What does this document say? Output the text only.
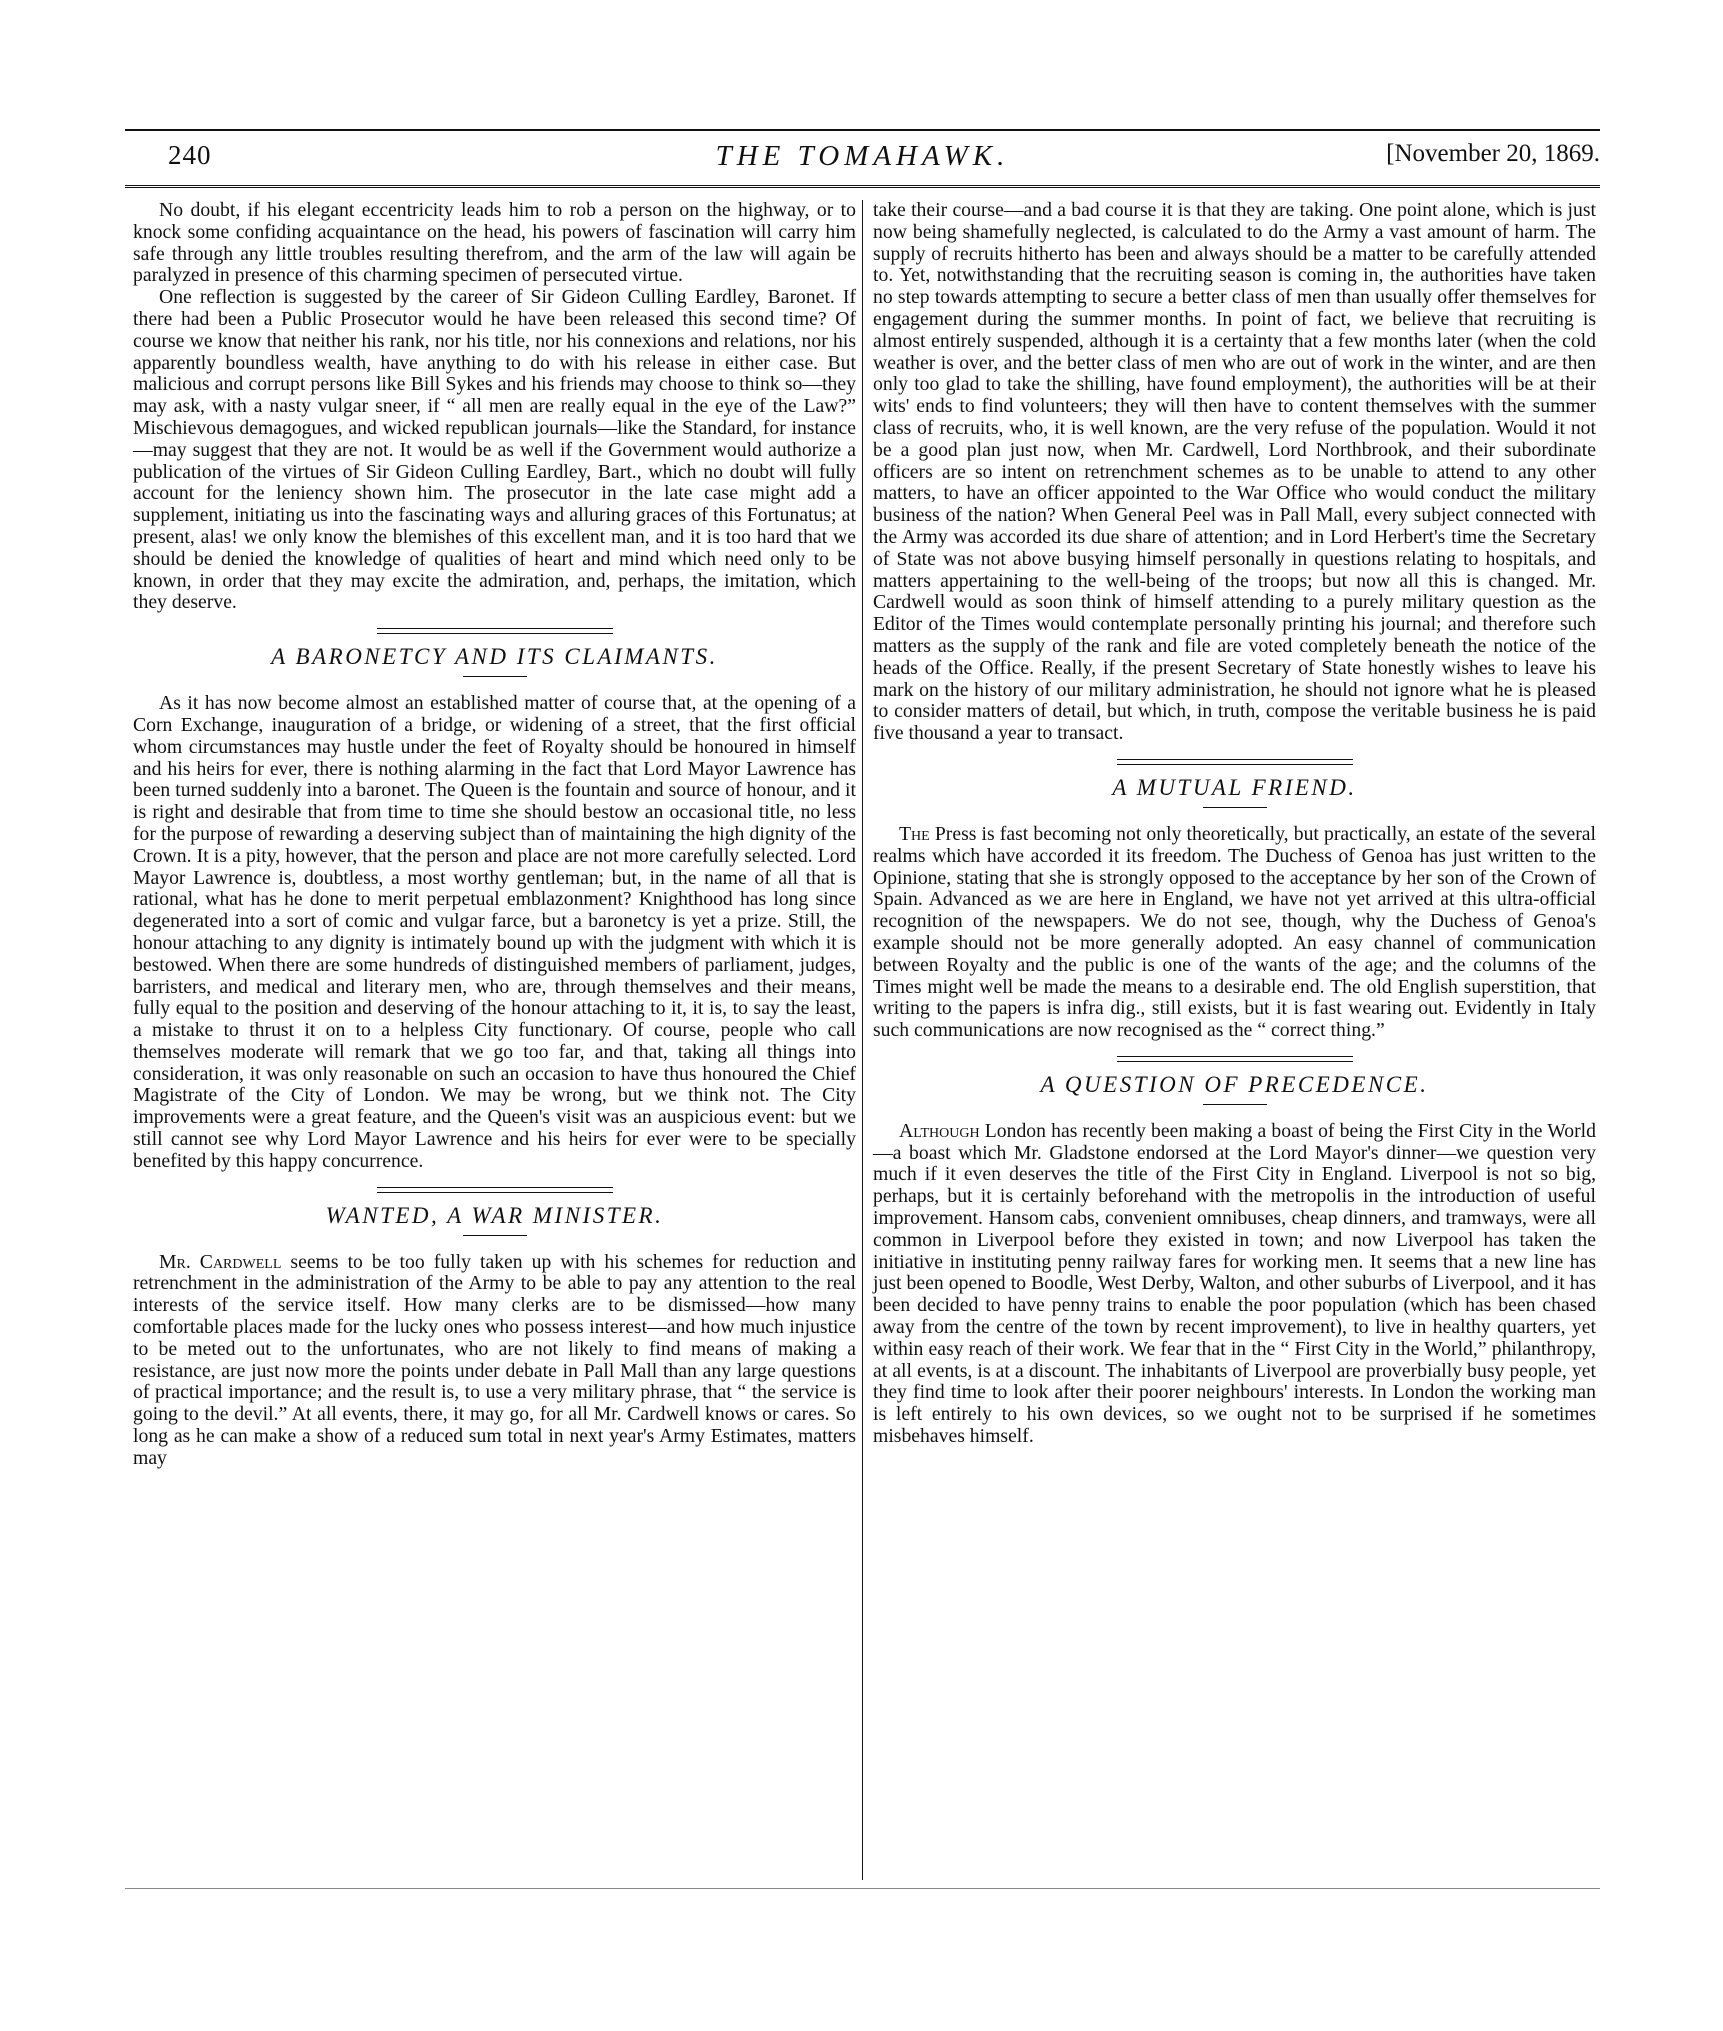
240	THE TOMAHAWK.	[November 20, 1869.

No doubt, if his elegant eccentricity leads him to rob a person on the highway, or to knock some confiding acquaintance on the head, his powers of fascination will carry him safe through any little troubles resulting therefrom, and the arm of the law will again be paralyzed in presence of this charming specimen of persecuted virtue.

One reflection is suggested by the career of Sir Gideon Culling Eardley, Baronet. If there had been a Public Prosecutor would he have been released this second time? Of course we know that neither his rank, nor his title, nor his connexions and relations, nor his apparently boundless wealth, have anything to do with his release in either case. But malicious and corrupt persons like Bill Sykes and his friends may choose to think so—they may ask, with a nasty vulgar sneer, if “ all men are really equal in the eye of the Law?” Mischievous demagogues, and wicked republican journals—like the Standard, for instance—may suggest that they are not. It would be as well if the Government would authorize a publication of the virtues of Sir Gideon Culling Eardley, Bart., which no doubt will fully account for the leniency shown him. The prosecutor in the late case might add a supplement, initiating us into the fascinating ways and alluring graces of this Fortunatus; at present, alas! we only know the blemishes of this excellent man, and it is too hard that we should be denied the knowledge of qualities of heart and mind which need only to be known, in order that they may excite the admiration, and, perhaps, the imitation, which they deserve.

A BARONETCY AND ITS CLAIMANTS.

As it has now become almost an established matter of course that, at the opening of a Corn Exchange, inauguration of a bridge, or widening of a street, that the first official whom circumstances may hustle under the feet of Royalty should be honoured in himself and his heirs for ever, there is nothing alarming in the fact that Lord Mayor Lawrence has been turned suddenly into a baronet. The Queen is the fountain and source of honour, and it is right and desirable that from time to time she should bestow an occasional title, no less for the purpose of rewarding a deserving subject than of maintaining the high dignity of the Crown. It is a pity, however, that the person and place are not more carefully selected. Lord Mayor Lawrence is, doubtless, a most worthy gentleman; but, in the name of all that is rational, what has he done to merit perpetual emblazonment? Knighthood has long since degenerated into a sort of comic and vulgar farce, but a baronetcy is yet a prize. Still, the honour attaching to any dignity is intimately bound up with the judgment with which it is bestowed. When there are some hundreds of distinguished members of parliament, judges, barristers, and medical and literary men, who are, through themselves and their means, fully equal to the position and deserving of the honour attaching to it, it is, to say the least, a mistake to thrust it on to a helpless City functionary. Of course, people who call themselves moderate will remark that we go too far, and that, taking all things into consideration, it was only reasonable on such an occasion to have thus honoured the Chief Magistrate of the City of London. We may be wrong, but we think not. The City improvements were a great feature, and the Queen's visit was an auspicious event: but we still cannot see why Lord Mayor Lawrence and his heirs for ever were to be specially benefited by this happy concurrence.

WANTED, A WAR MINISTER.

Mr. Cardwell seems to be too fully taken up with his schemes for reduction and retrenchment in the administration of the Army to be able to pay any attention to the real interests of the service itself. How many clerks are to be dismissed—how many comfortable places made for the lucky ones who possess interest—and how much injustice to be meted out to the unfortunates, who are not likely to find means of making a resistance, are just now more the points under debate in Pall Mall than any large questions of practical importance; and the result is, to use a very military phrase, that “ the service is going to the devil.” At all events, there, it may go, for all Mr. Cardwell knows or cares. So long as he can make a show of a reduced sum total in next year's Army Estimates, matters may

take their course—and a bad course it is that they are taking. One point alone, which is just now being shamefully neglected, is calculated to do the Army a vast amount of harm. The supply of recruits hitherto has been and always should be a matter to be carefully attended to. Yet, notwithstanding that the recruiting season is coming in, the authorities have taken no step towards attempting to secure a better class of men than usually offer themselves for engagement during the summer months. In point of fact, we believe that recruiting is almost entirely suspended, although it is a certainty that a few months later (when the cold weather is over, and the better class of men who are out of work in the winter, and are then only too glad to take the shilling, have found employment), the authorities will be at their wits' ends to find volunteers; they will then have to content themselves with the summer class of recruits, who, it is well known, are the very refuse of the population. Would it not be a good plan just now, when Mr. Cardwell, Lord Northbrook, and their subordinate officers are so intent on retrenchment schemes as to be unable to attend to any other matters, to have an officer appointed to the War Office who would conduct the military business of the nation? When General Peel was in Pall Mall, every subject connected with the Army was accorded its due share of attention; and in Lord Herbert's time the Secretary of State was not above busying himself personally in questions relating to hospitals, and matters appertaining to the well-being of the troops; but now all this is changed. Mr. Cardwell would as soon think of himself attending to a purely military question as the Editor of the Times would contemplate personally printing his journal; and therefore such matters as the supply of the rank and file are voted completely beneath the notice of the heads of the Office. Really, if the present Secretary of State honestly wishes to leave his mark on the history of our military administration, he should not ignore what he is pleased to consider matters of detail, but which, in truth, compose the veritable business he is paid five thousand a year to transact.

A MUTUAL FRIEND.

The Press is fast becoming not only theoretically, but practically, an estate of the several realms which have accorded it its freedom. The Duchess of Genoa has just written to the Opinione, stating that she is strongly opposed to the acceptance by her son of the Crown of Spain. Advanced as we are here in England, we have not yet arrived at this ultra-official recognition of the newspapers. We do not see, though, why the Duchess of Genoa's example should not be more generally adopted. An easy channel of communication between Royalty and the public is one of the wants of the age; and the columns of the Times might well be made the means to a desirable end. The old English superstition, that writing to the papers is infra dig., still exists, but it is fast wearing out. Evidently in Italy such communications are now recognised as the “ correct thing.”

A QUESTION OF PRECEDENCE.

Although London has recently been making a boast of being the First City in the World—a boast which Mr. Gladstone endorsed at the Lord Mayor's dinner—we question very much if it even deserves the title of the First City in England. Liverpool is not so big, perhaps, but it is certainly beforehand with the metropolis in the introduction of useful improvement. Hansom cabs, convenient omnibuses, cheap dinners, and tramways, were all common in Liverpool before they existed in town; and now Liverpool has taken the initiative in instituting penny railway fares for working men. It seems that a new line has just been opened to Boodle, West Derby, Walton, and other suburbs of Liverpool, and it has been decided to have penny trains to enable the poor population (which has been chased away from the centre of the town by recent improvement), to live in healthy quarters, yet within easy reach of their work. We fear that in the “ First City in the World,” philanthropy, at all events, is at a discount. The inhabitants of Liverpool are proverbially busy people, yet they find time to look after their poorer neighbours' interests. In London the working man is left entirely to his own devices, so we ought not to be surprised if he sometimes misbehaves himself.
